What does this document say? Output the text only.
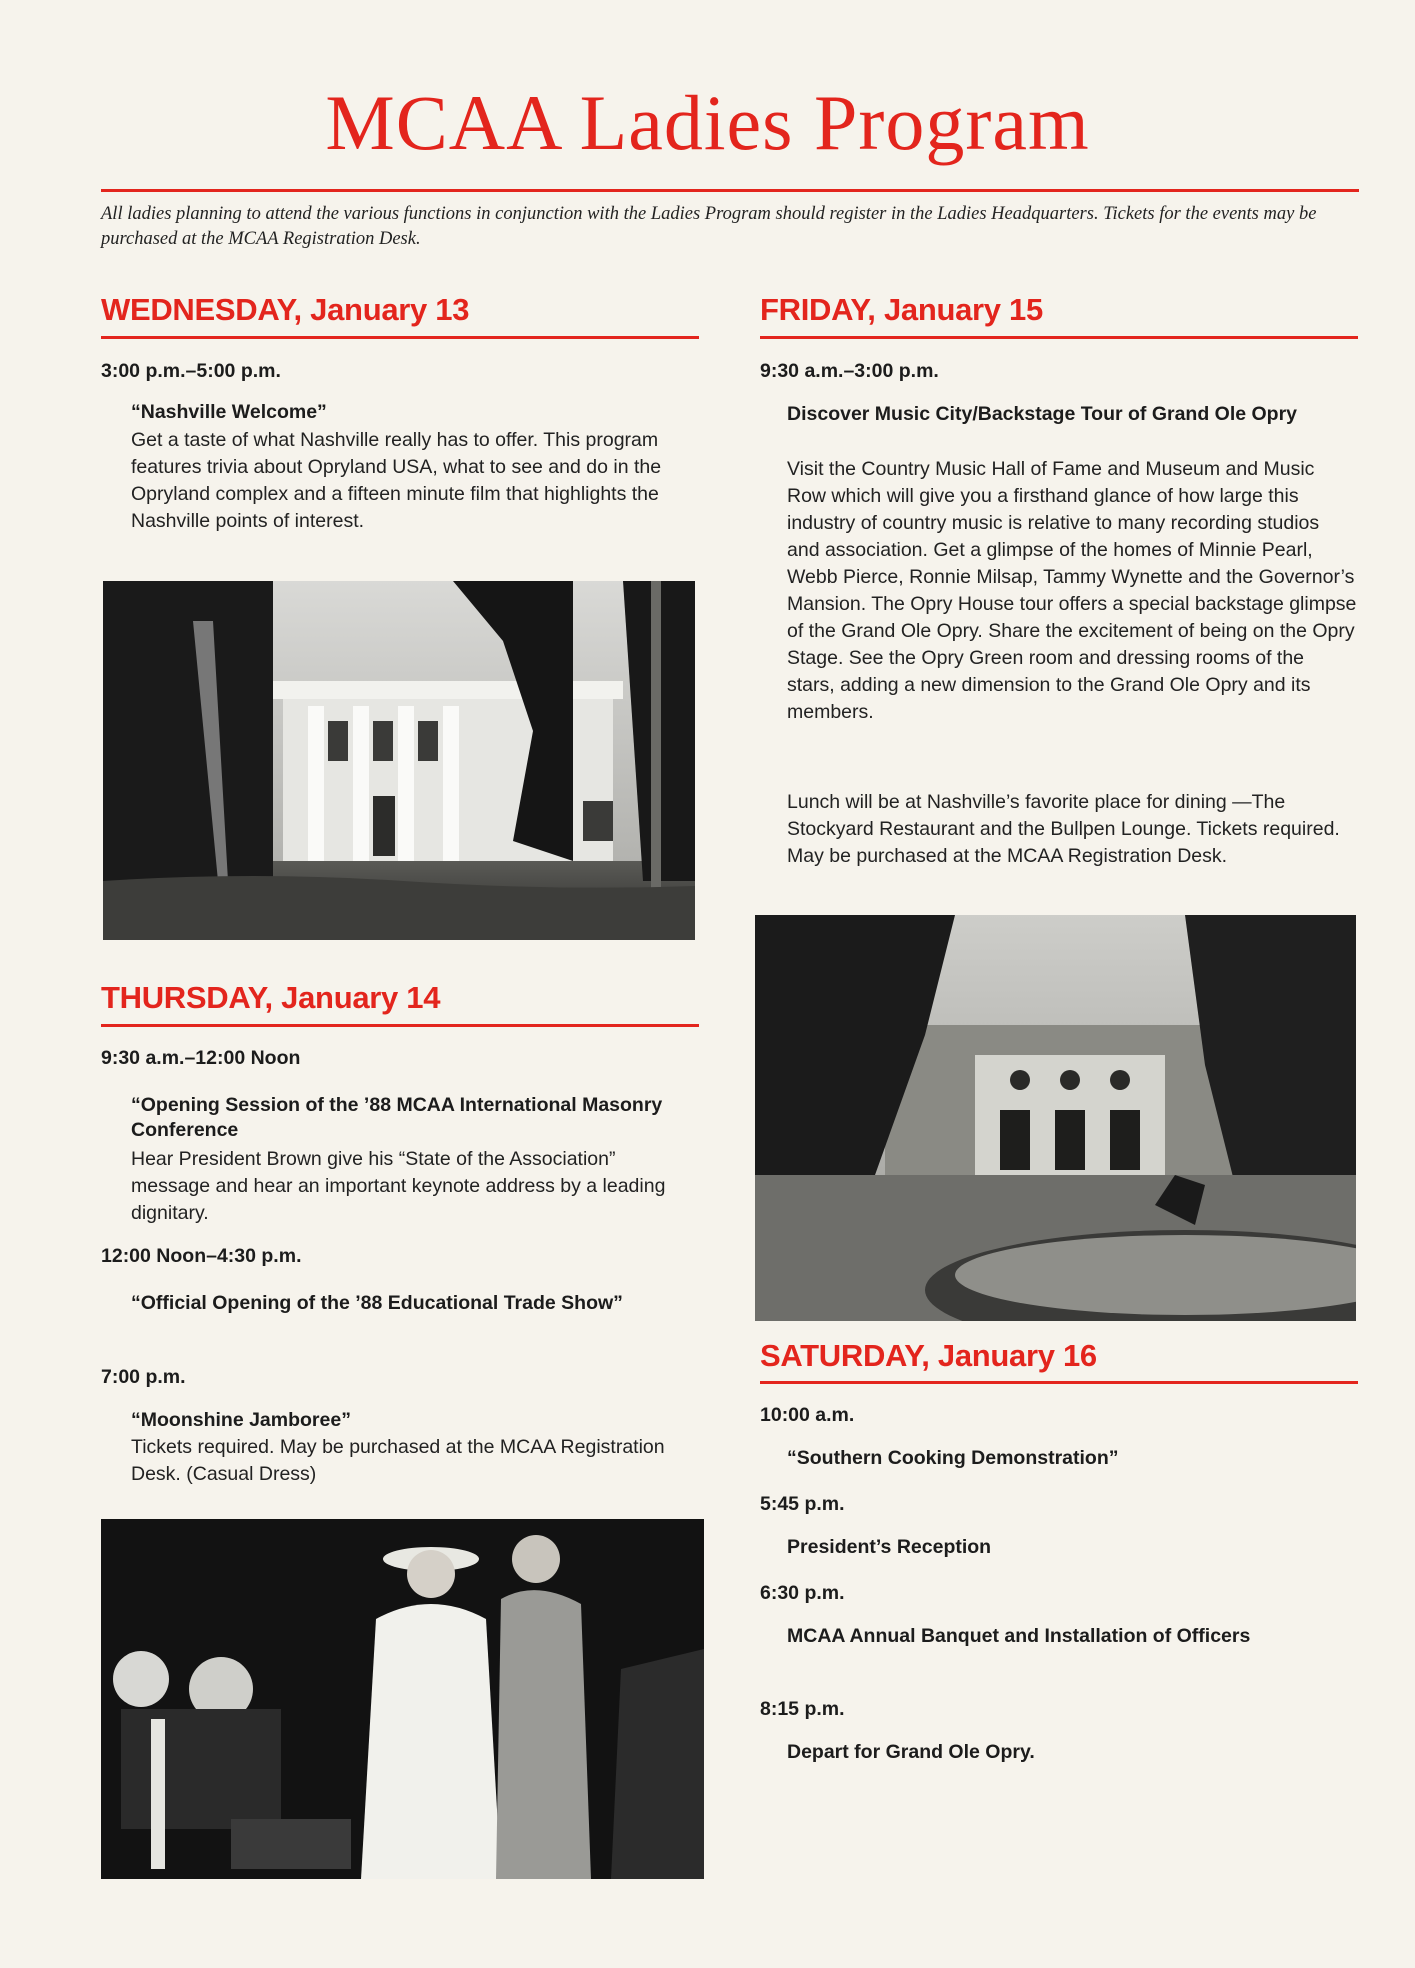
MCAA Ladies Program
All ladies planning to attend the various functions in conjunction with the Ladies Program should register in the Ladies Headquarters. Tickets for the events may be purchased at the MCAA Registration Desk.
WEDNESDAY, January 13
3:00 p.m.–5:00 p.m.
“Nashville Welcome”
Get a taste of what Nashville really has to offer. This program features trivia about Opryland USA, what to see and do in the Opryland complex and a fifteen minute film that highlights the Nashville points of interest.
THURSDAY, January 14
9:30 a.m.–12:00 Noon
“Opening Session of the ’88 MCAA International Masonry Conference
Hear President Brown give his “State of the Association” message and hear an important keynote address by a leading dignitary.
12:00 Noon–4:30 p.m.
“Official Opening of the ’88 Educational Trade Show”
7:00 p.m.
“Moonshine Jamboree”
Tickets required. May be purchased at the MCAA Registration Desk. (Casual Dress)
FRIDAY, January 15
9:30 a.m.–3:00 p.m.
Discover Music City/Backstage Tour of Grand Ole Opry
Visit the Country Music Hall of Fame and Museum and Music Row which will give you a firsthand glance of how large this industry of country music is relative to many recording studios and association. Get a glimpse of the homes of Minnie Pearl, Webb Pierce, Ronnie Milsap, Tammy Wynette and the Governor’s Mansion. The Opry House tour offers a special backstage glimpse of the Grand Ole Opry. Share the excitement of being on the Opry Stage. See the Opry Green room and dressing rooms of the stars, adding a new dimension to the Grand Ole Opry and its members.
Lunch will be at Nashville’s favorite place for dining —The Stockyard Restaurant and the Bullpen Lounge. Tickets required. May be purchased at the MCAA Registration Desk.
SATURDAY, January 16
10:00 a.m.
“Southern Cooking Demonstration”
5:45 p.m.
President’s Reception
6:30 p.m.
MCAA Annual Banquet and Installation of Officers
8:15 p.m.
Depart for Grand Ole Opry.
